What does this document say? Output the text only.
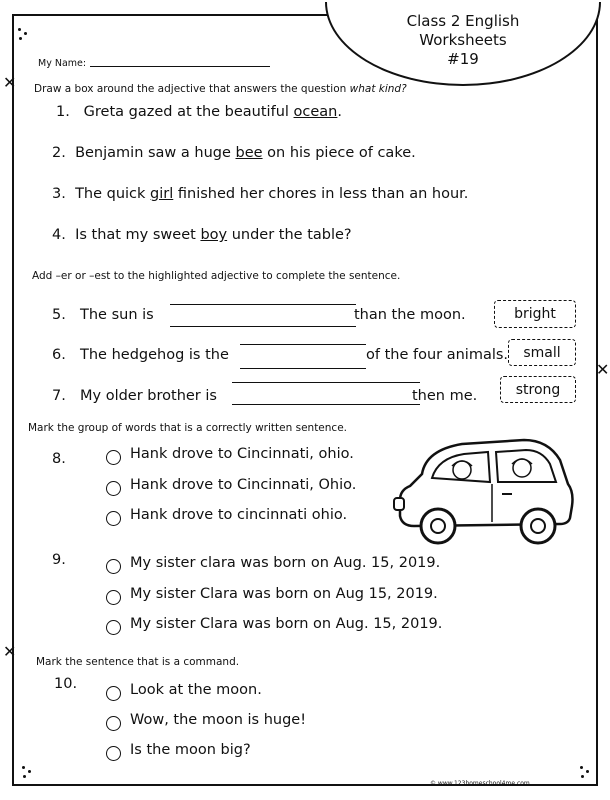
Class 2 English
Worksheets
#19
✕
✕
✕
My Name:
Draw a box around the adjective that answers the question what kind?
1. Greta gazed at the beautiful ocean.
2. Benjamin saw a huge bee on his piece of cake.
3. The quick girl finished her chores in less than an hour.
4. Is that my sweet boy under the table?
Add –er or –est to the highlighted adjective to complete the sentence.
5. The sun is	than the moon.	bright
6. The hedgehog is the	of the four animals.	small
7. My older brother is	then me.	strong
Mark the group of words that is a correctly written sentence.
8.	Hank drove to Cincinnati, ohio.
Hank drove to Cincinnati, Ohio.
Hank drove to cincinnati ohio.
9.	My sister clara was born on Aug. 15, 2019.
My sister Clara was born on Aug 15, 2019.
My sister Clara was born on Aug. 15, 2019.
Mark the sentence that is a command.
10.	Look at the moon.
Wow, the moon is huge!
Is the moon big?
© www.123homeschool4me.com
